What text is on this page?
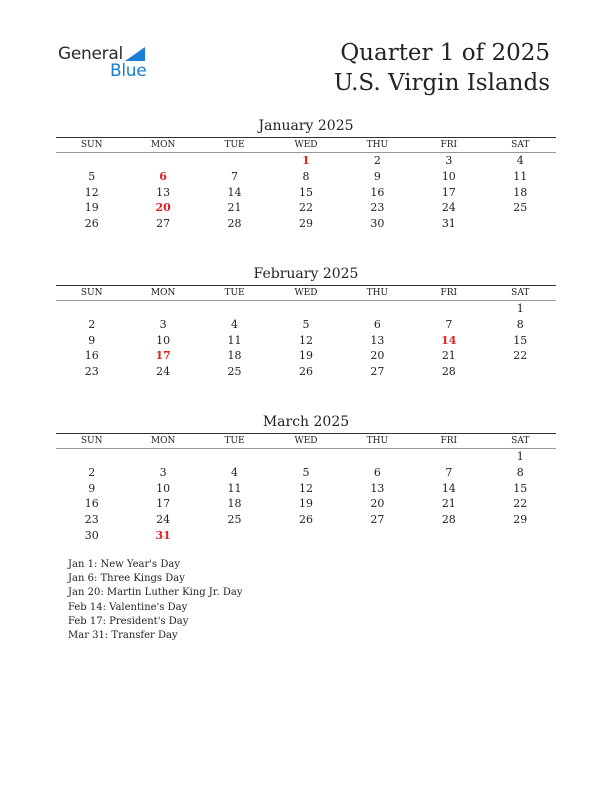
General
Blue
Quarter 1 of 2025
U.S. Virgin Islands
January 2025
SUN	MON	TUE	WED	THU	FRI	SAT
			1	2	3	4
5	6	7	8	9	10	11
12	13	14	15	16	17	18
19	20	21	22	23	24	25
26	27	28	29	30	31	
February 2025
SUN	MON	TUE	WED	THU	FRI	SAT
						1
2	3	4	5	6	7	8
9	10	11	12	13	14	15
16	17	18	19	20	21	22
23	24	25	26	27	28	
March 2025
SUN	MON	TUE	WED	THU	FRI	SAT
						1
2	3	4	5	6	7	8
9	10	11	12	13	14	15
16	17	18	19	20	21	22
23	24	25	26	27	28	29
30	31					
Jan 1: New Year's Day
Jan 6: Three Kings Day
Jan 20: Martin Luther King Jr. Day
Feb 14: Valentine's Day
Feb 17: President's Day
Mar 31: Transfer Day
